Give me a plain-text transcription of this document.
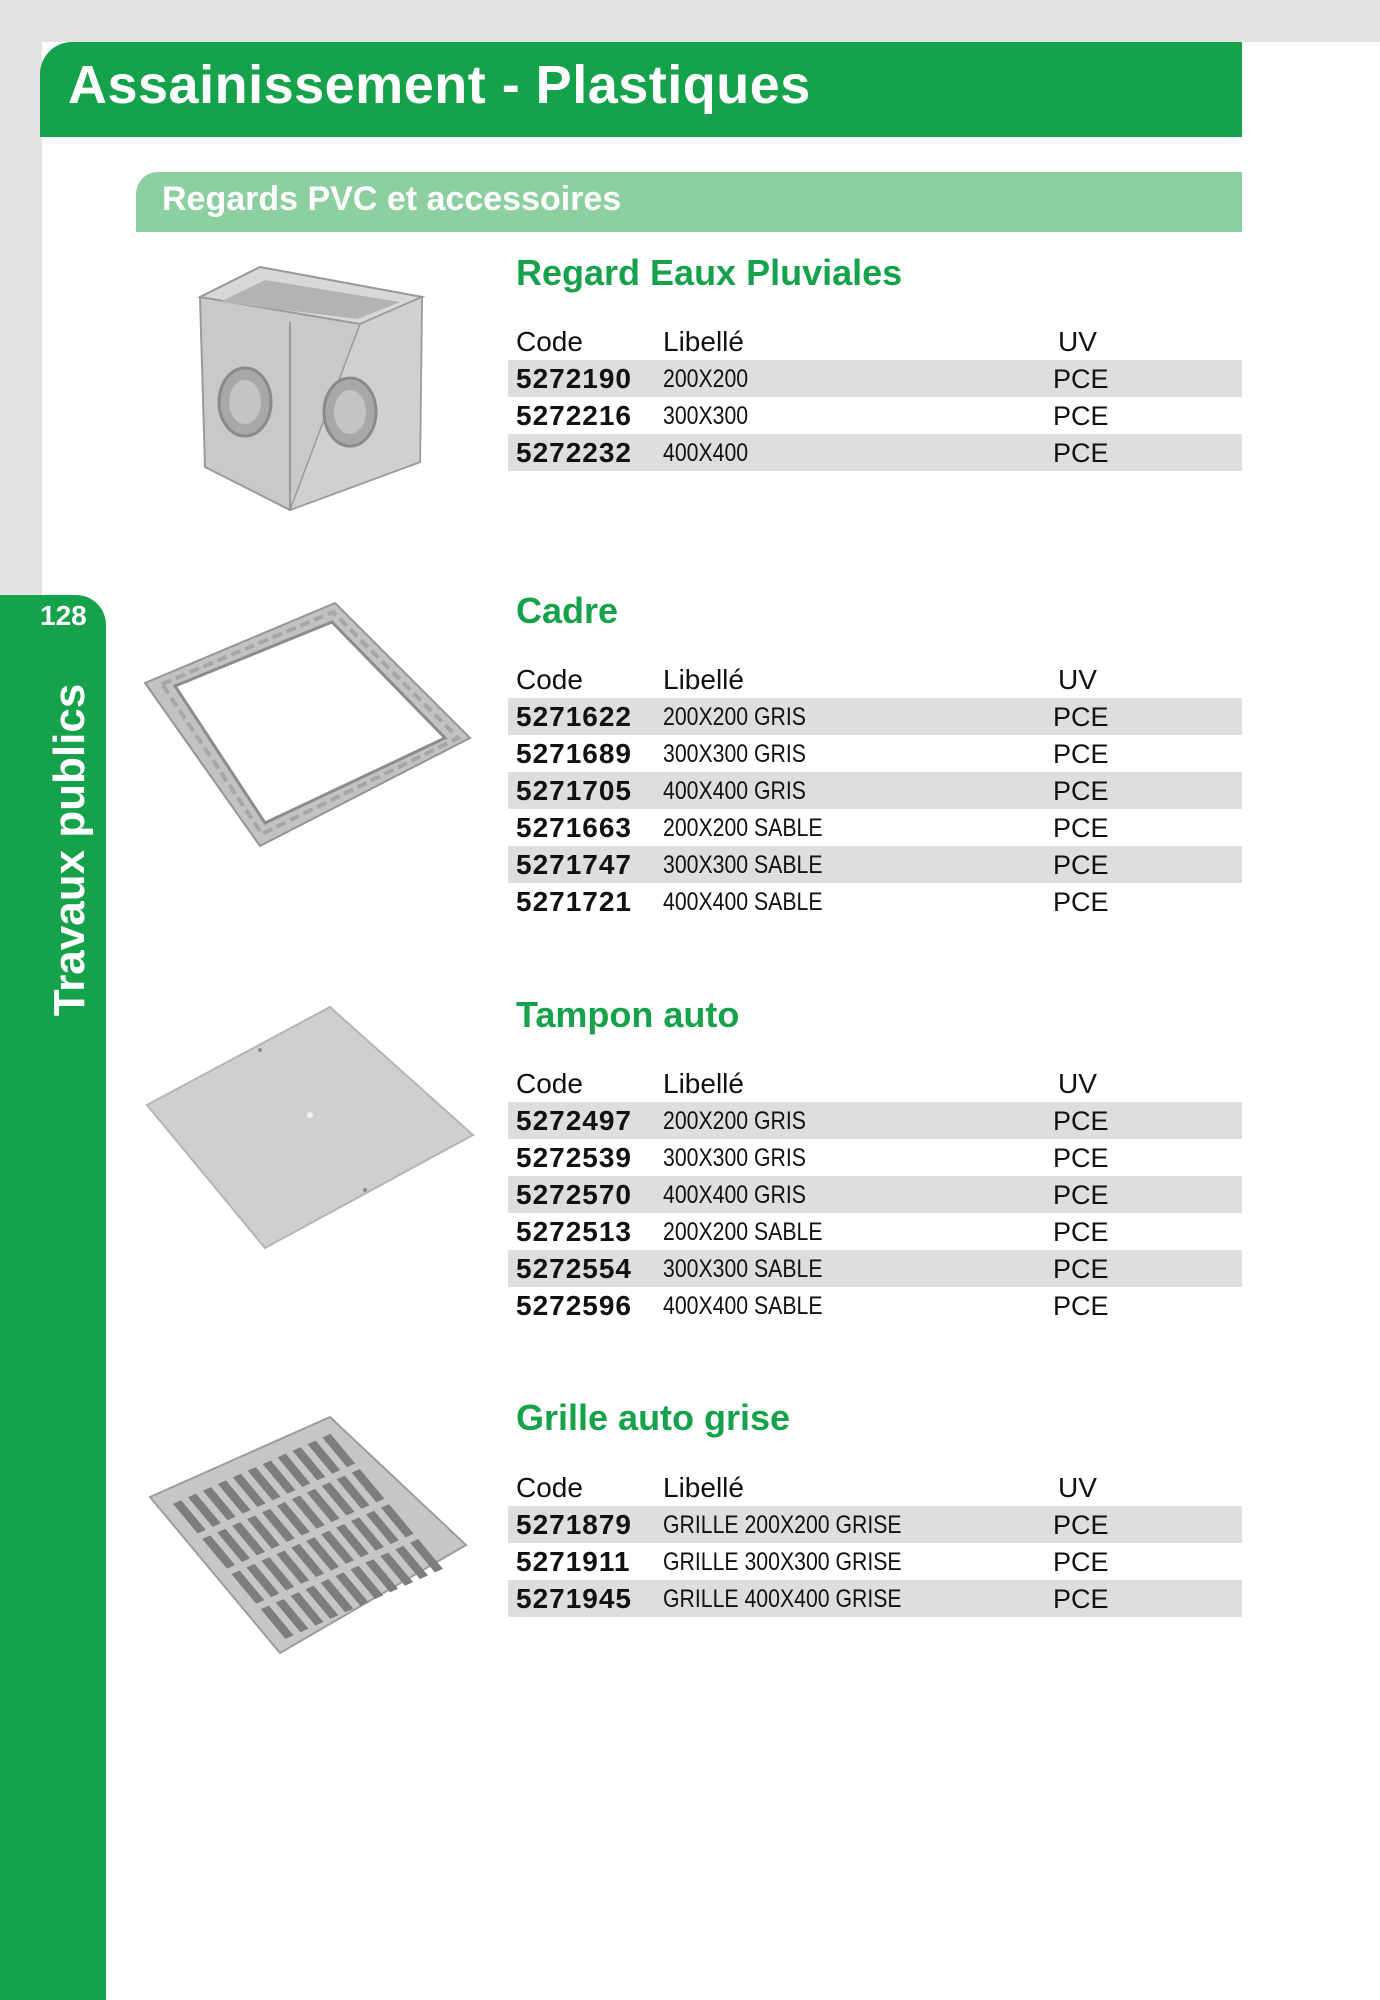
Assainissement - Plastiques
Regards PVC et accessoires
128
Travaux publics
Regard Eaux Pluviales
Code	Libellé	UV
5272190 200X200	PCE
5272216 300X300	PCE
5272232 400X400	PCE
Cadre
Code	Libellé	UV
5271622 200X200 GRIS	PCE
5271689 300X300 GRIS	PCE
5271705 400X400 GRIS	PCE
5271663 200X200 SABLE	PCE
5271747 300X300 SABLE	PCE
5271721 400X400 SABLE	PCE
Tampon auto
Code	Libellé	UV
5272497 200X200 GRIS	PCE
5272539 300X300 GRIS	PCE
5272570 400X400 GRIS	PCE
5272513 200X200 SABLE	PCE
5272554 300X300 SABLE	PCE
5272596 400X400 SABLE	PCE
Grille auto grise
Code	Libellé	UV
5271879 GRILLE 200X200 GRISE	PCE
5271911 GRILLE 300X300 GRISE	PCE
5271945 GRILLE 400X400 GRISE	PCE
